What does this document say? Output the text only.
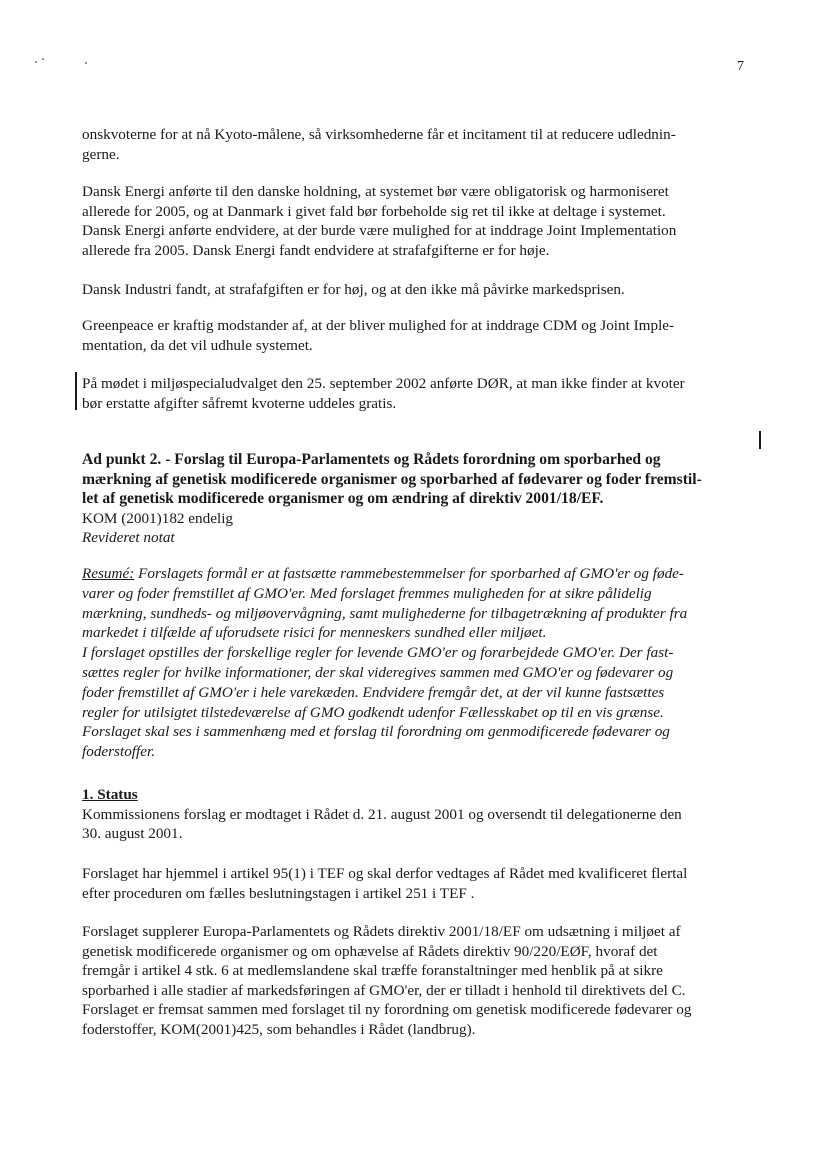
7
onskvoterne for at nå Kyoto-målene, så virksomhederne får et incitament til at reducere udlednin-
gerne.
Dansk Energi anførte til den danske holdning, at systemet bør være obligatorisk og harmoniseret
allerede for 2005, og at Danmark i givet fald bør forbeholde sig ret til ikke at deltage i systemet.
Dansk Energi anførte endvidere, at der burde være mulighed for at inddrage Joint Implementation
allerede fra 2005. Dansk Energi fandt endvidere at strafafgifterne er for høje.
Dansk Industri fandt, at strafafgiften er for høj, og at den ikke må påvirke markedsprisen.
Greenpeace er kraftig modstander af, at der bliver mulighed for at inddrage CDM og Joint Imple-
mentation, da det vil udhule systemet.
På mødet i miljøspecialudvalget den 25. september 2002 anførte DØR, at man ikke finder at kvoter
bør erstatte afgifter såfremt kvoterne uddeles gratis.
Ad punkt 2. - Forslag til Europa-Parlamentets og Rådets forordning om sporbarhed og
mærkning af genetisk modificerede organismer og sporbarhed af fødevarer og foder fremstil-
let af genetisk modificerede organismer og om ændring af direktiv 2001/18/EF.
KOM (2001)182 endelig
Revideret notat
Resumé: Forslagets formål er at fastsætte rammebestemmelser for sporbarhed af GMO'er og føde-
varer og foder fremstillet af GMO'er. Med forslaget fremmes muligheden for at sikre pålidelig
mærkning, sundheds- og miljøovervågning, samt mulighederne for tilbagetrækning af produkter fra
markedet i tilfælde af uforudsete risici for menneskers sundhed eller miljøet.
I forslaget opstilles der forskellige regler for levende GMO'er og forarbejdede GMO'er. Der fast-
sættes regler for hvilke informationer, der skal videregives sammen med GMO'er og fødevarer og
foder fremstillet af GMO'er i hele varekæden. Endvidere fremgår det, at der vil kunne fastsættes
regler for utilsigtet tilstedeværelse af GMO godkendt udenfor Fællesskabet op til en vis grænse.
Forslaget skal ses i sammenhæng med et forslag til forordning om genmodificerede fødevarer og
foderstoffer.
1. Status
Kommissionens forslag er modtaget i Rådet d. 21. august 2001 og oversendt til delegationerne den
30. august 2001.
Forslaget har hjemmel i artikel 95(1) i TEF og skal derfor vedtages af Rådet med kvalificeret flertal
efter proceduren om fælles beslutningstagen i artikel 251 i TEF .
Forslaget supplerer Europa-Parlamentets og Rådets direktiv 2001/18/EF om udsætning i miljøet af
genetisk modificerede organismer og om ophævelse af Rådets direktiv 90/220/EØF, hvoraf det
fremgår i artikel 4 stk. 6 at medlemslandene skal træffe foranstaltninger med henblik på at sikre
sporbarhed i alle stadier af markedsføringen af GMO'er, der er tilladt i henhold til direktivets del C.
Forslaget er fremsat sammen med forslaget til ny forordning om genetisk modificerede fødevarer og
foderstoffer, KOM(2001)425, som behandles i Rådet (landbrug).
